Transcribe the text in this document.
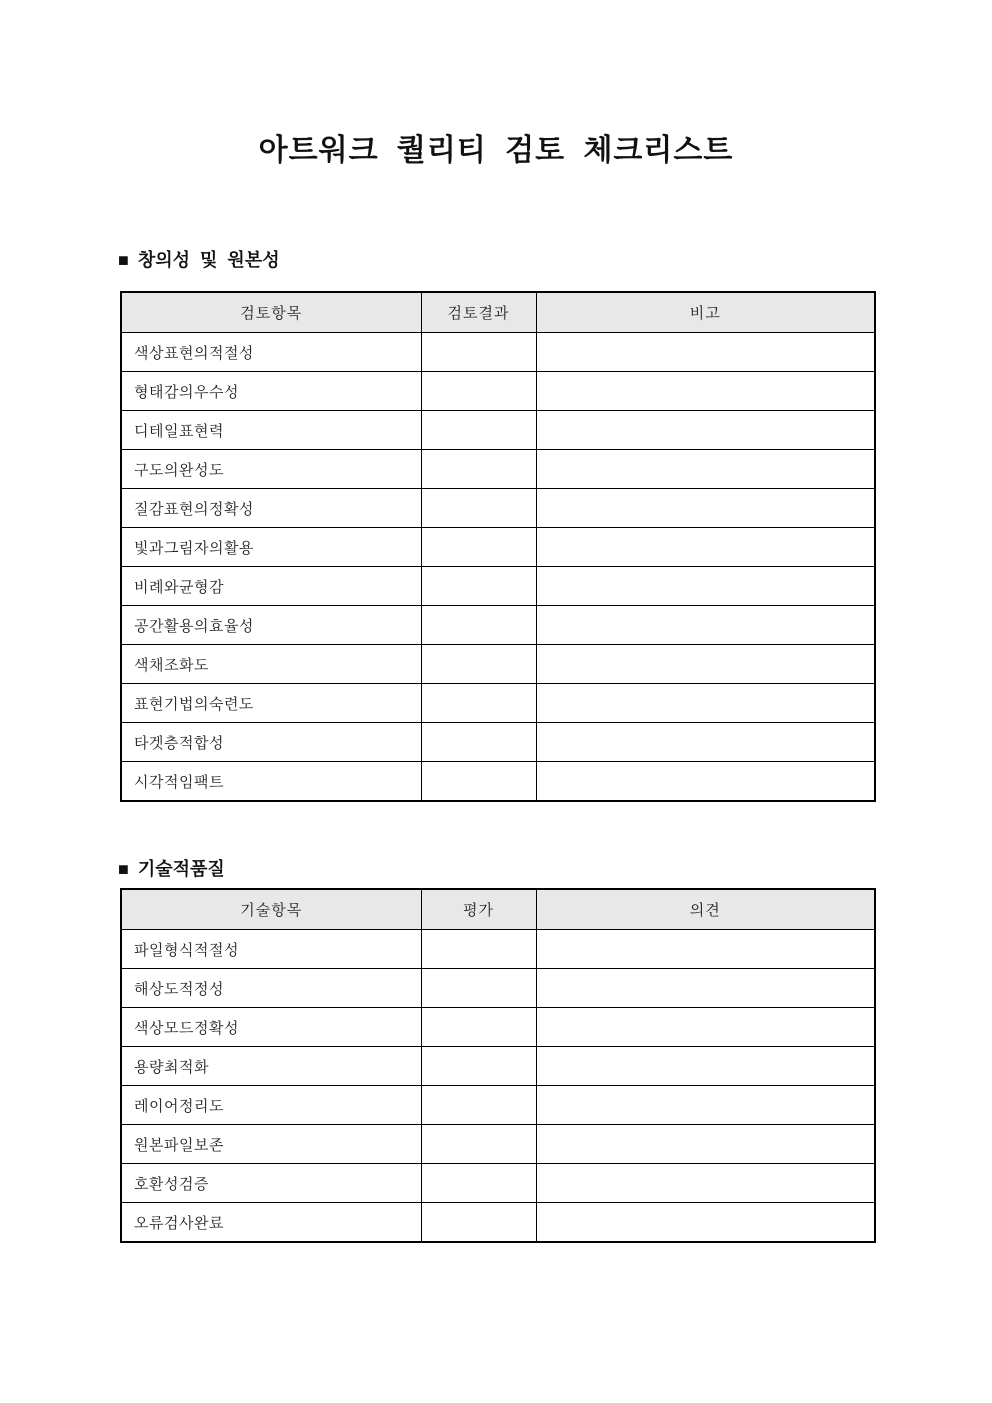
아트워크 퀄리티 검토 체크리스트
■ 창의성 및 원본성
검토항목	검토결과	비고
색상표현의적절성		
형태감의우수성		
디테일표현력		
구도의완성도		
질감표현의정확성		
빛과그림자의활용		
비례와균형감		
공간활용의효율성		
색채조화도		
표현기법의숙련도		
타겟층적합성		
시각적임팩트		
■ 기술적품질
기술항목	평가	의견
파일형식적절성		
해상도적정성		
색상모드정확성		
용량최적화		
레이어정리도		
원본파일보존		
호환성검증		
오류검사완료		
